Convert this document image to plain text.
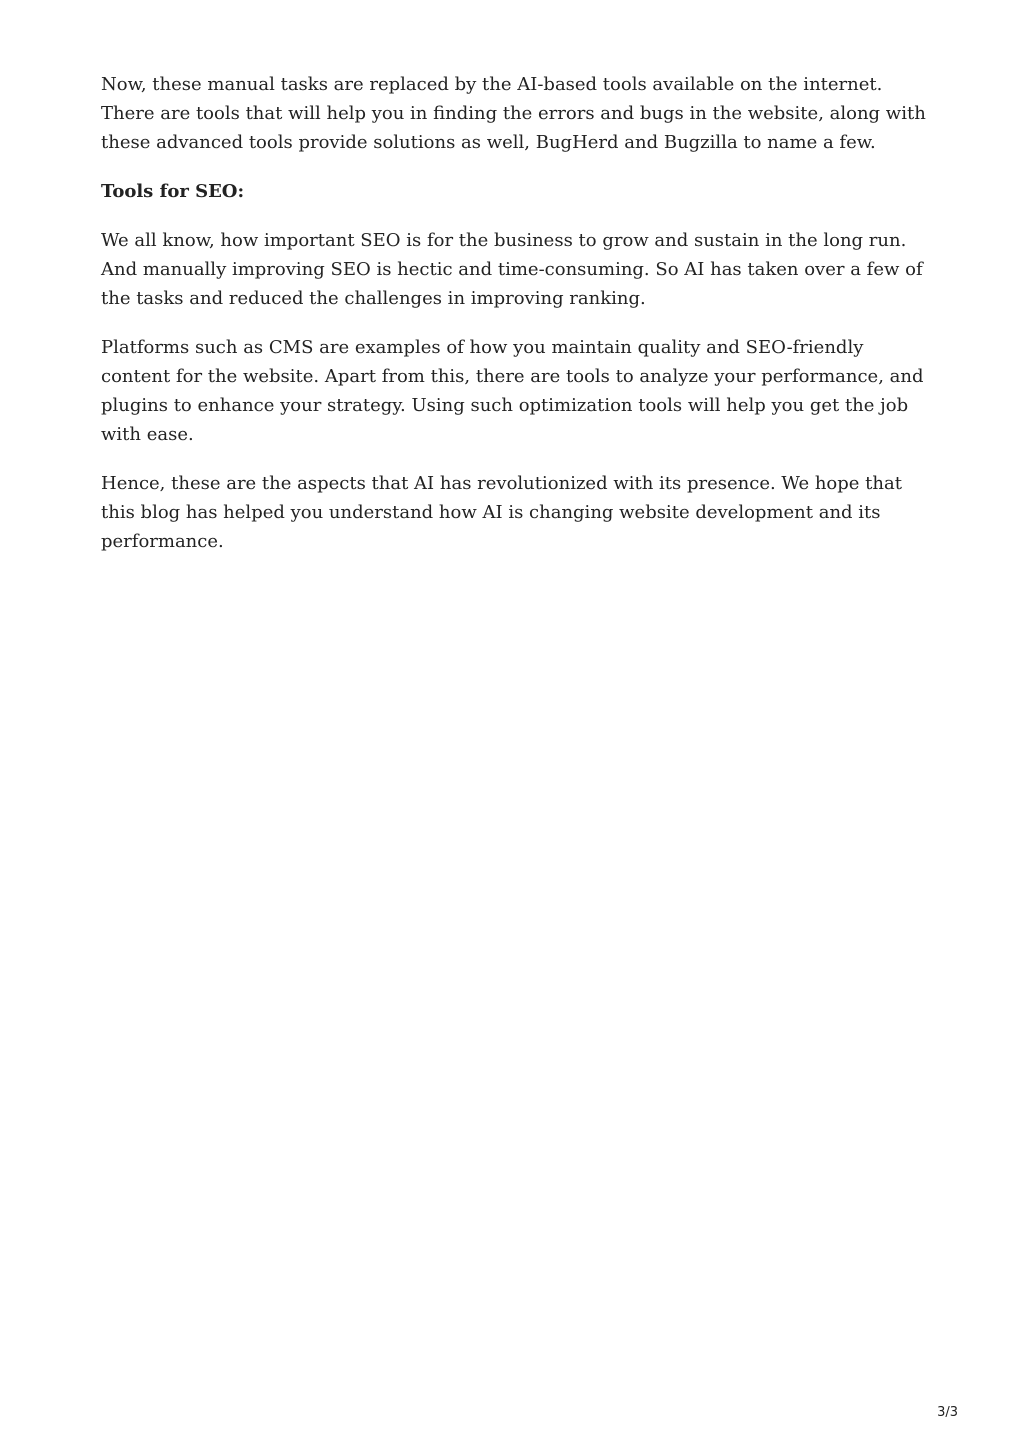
Now, these manual tasks are replaced by the AI-based tools available on the internet. There are tools that will help you in finding the errors and bugs in the website, along with these advanced tools provide solutions as well, BugHerd and Bugzilla to name a few.

Tools for SEO:

We all know, how important SEO is for the business to grow and sustain in the long run. And manually improving SEO is hectic and time-consuming. So AI has taken over a few of the tasks and reduced the challenges in improving ranking.

Platforms such as CMS are examples of how you maintain quality and SEO-friendly content for the website. Apart from this, there are tools to analyze your performance, and plugins to enhance your strategy. Using such optimization tools will help you get the job with ease.

Hence, these are the aspects that AI has revolutionized with its presence. We hope that this blog has helped you understand how AI is changing website development and its performance.

3/3
